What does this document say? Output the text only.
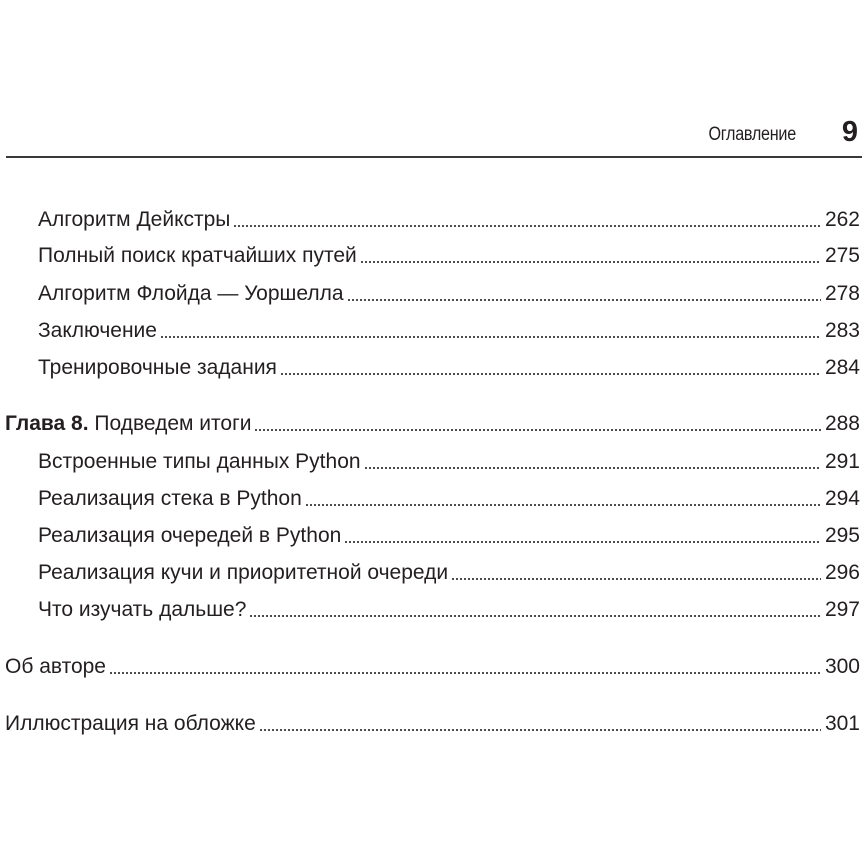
Оглавление 9
Алгоритм Дейкстры	262
Полный поиск кратчайших путей	275
Алгоритм Флойда — Уоршелла	278
Заключение	283
Тренировочные задания	284
Глава 8. Подведем итоги	288
Встроенные типы данных Python	291
Реализация стека в Python	294
Реализация очередей в Python	295
Реализация кучи и приоритетной очереди	296
Что изучать дальше?	297
Об авторе	300
Иллюстрация на обложке	301
